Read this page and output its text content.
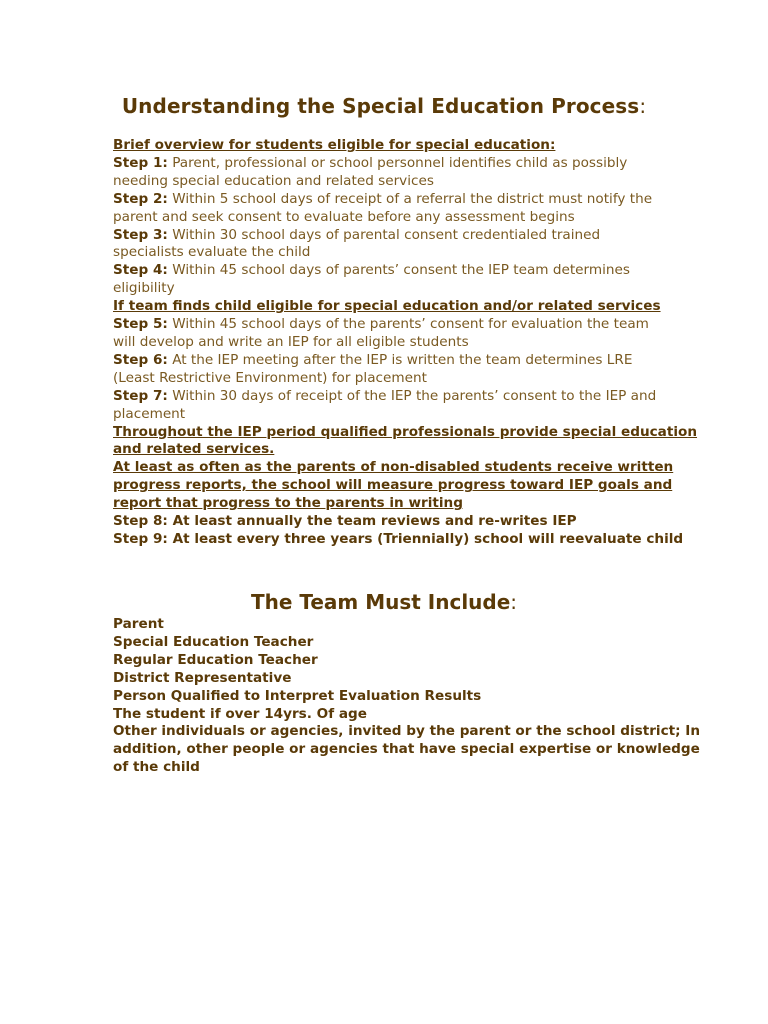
Understanding the Special Education Process:
Brief overview for students eligible for special education:
Step 1: Parent, professional or school personnel identifies child as possibly
needing special education and related services
Step 2: Within 5 school days of receipt of a referral the district must notify the
parent and seek consent to evaluate before any assessment begins
Step 3: Within 30 school days of parental consent credentialed trained
specialists evaluate the child
Step 4: Within 45 school days of parents’ consent the IEP team determines
eligibility
If team finds child eligible for special education and/or related services
Step 5: Within 45 school days of the parents’ consent for evaluation the team
will develop and write an IEP for all eligible students
Step 6: At the IEP meeting after the IEP is written the team determines LRE
(Least Restrictive Environment) for placement
Step 7: Within 30 days of receipt of the IEP the parents’ consent to the IEP and
placement
Throughout the IEP period qualified professionals provide special education
and related services.
At least as often as the parents of non-disabled students receive written
progress reports, the school will measure progress toward IEP goals and
report that progress to the parents in writing
Step 8: At least annually the team reviews and re-writes IEP
Step 9: At least every three years (Triennially) school will reevaluate child
The Team Must Include:
Parent
Special Education Teacher
Regular Education Teacher
District Representative
Person Qualified to Interpret Evaluation Results
The student if over 14yrs. Of age
Other individuals or agencies, invited by the parent or the school district; In
addition, other people or agencies that have special expertise or knowledge
of the child
